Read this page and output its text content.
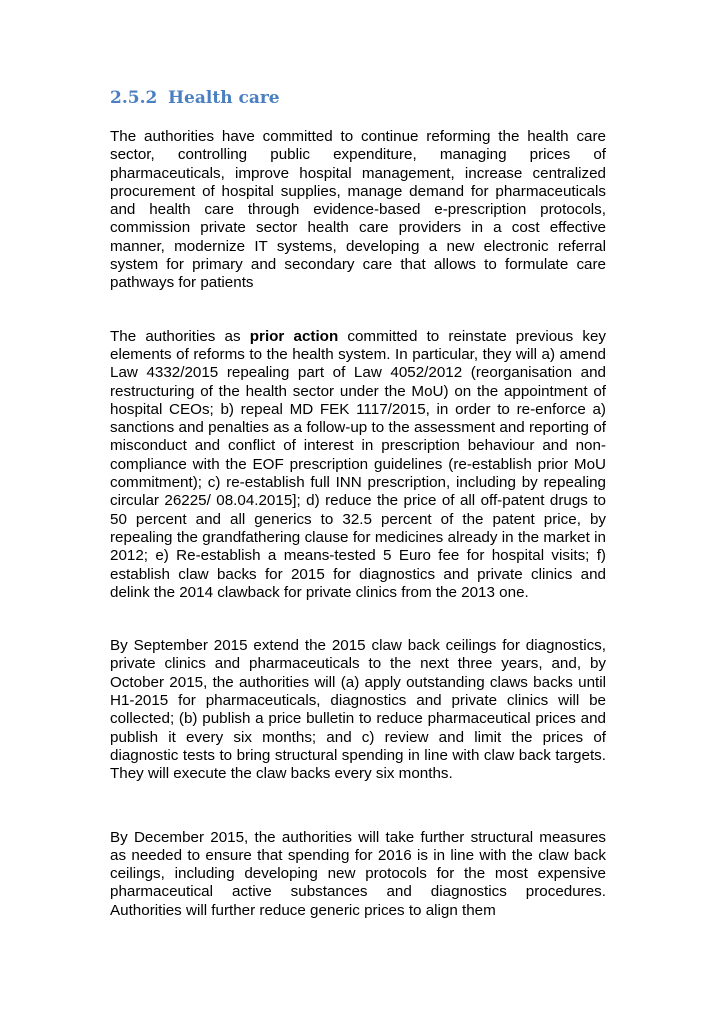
2.5.2 Health care

The authorities have committed to continue reforming the health care sector, controlling public expenditure, managing prices of pharmaceuticals, improve hospital management, increase centralized procurement of hospital supplies, manage demand for pharmaceuticals and health care through evidence-based e-prescription protocols, commission private sector health care providers in a cost effective manner, modernize IT systems, developing a new electronic referral system for primary and secondary care that allows to formulate care pathways for patients

The authorities as prior action committed to reinstate previous key elements of reforms to the health system. In particular, they will a) amend Law 4332/2015 repealing part of Law 4052/2012 (reorganisation and restructuring of the health sector under the MoU) on the appointment of hospital CEOs; b) repeal MD FEK 1117/2015, in order to re-enforce a) sanctions and penalties as a follow-up to the assessment and reporting of misconduct and conflict of interest in prescription behaviour and non-compliance with the EOF prescription guidelines (re-establish prior MoU commitment); c) re-establish full INN prescription, including by repealing circular 26225/ 08.04.2015]; d) reduce the price of all off-patent drugs to 50 percent and all generics to 32.5 percent of the patent price, by repealing the grandfathering clause for medicines already in the market in 2012; e) Re-establish a means-tested 5 Euro fee for hospital visits; f) establish claw backs for 2015 for diagnostics and private clinics and delink the 2014 clawback for private clinics from the 2013 one.

By September 2015 extend the 2015 claw back ceilings for diagnostics, private clinics and pharmaceuticals to the next three years, and, by October 2015, the authorities will (a) apply outstanding claws backs until H1-2015 for pharmaceuticals, diagnostics and private clinics will be collected; (b) publish a price bulletin to reduce pharmaceutical prices and publish it every six months; and c) review and limit the prices of diagnostic tests to bring structural spending in line with claw back targets. They will execute the claw backs every six months.

By December 2015, the authorities will take further structural measures as needed to ensure that spending for 2016 is in line with the claw back ceilings, including developing new protocols for the most expensive pharmaceutical active substances and diagnostics procedures. Authorities will further reduce generic prices to align them
